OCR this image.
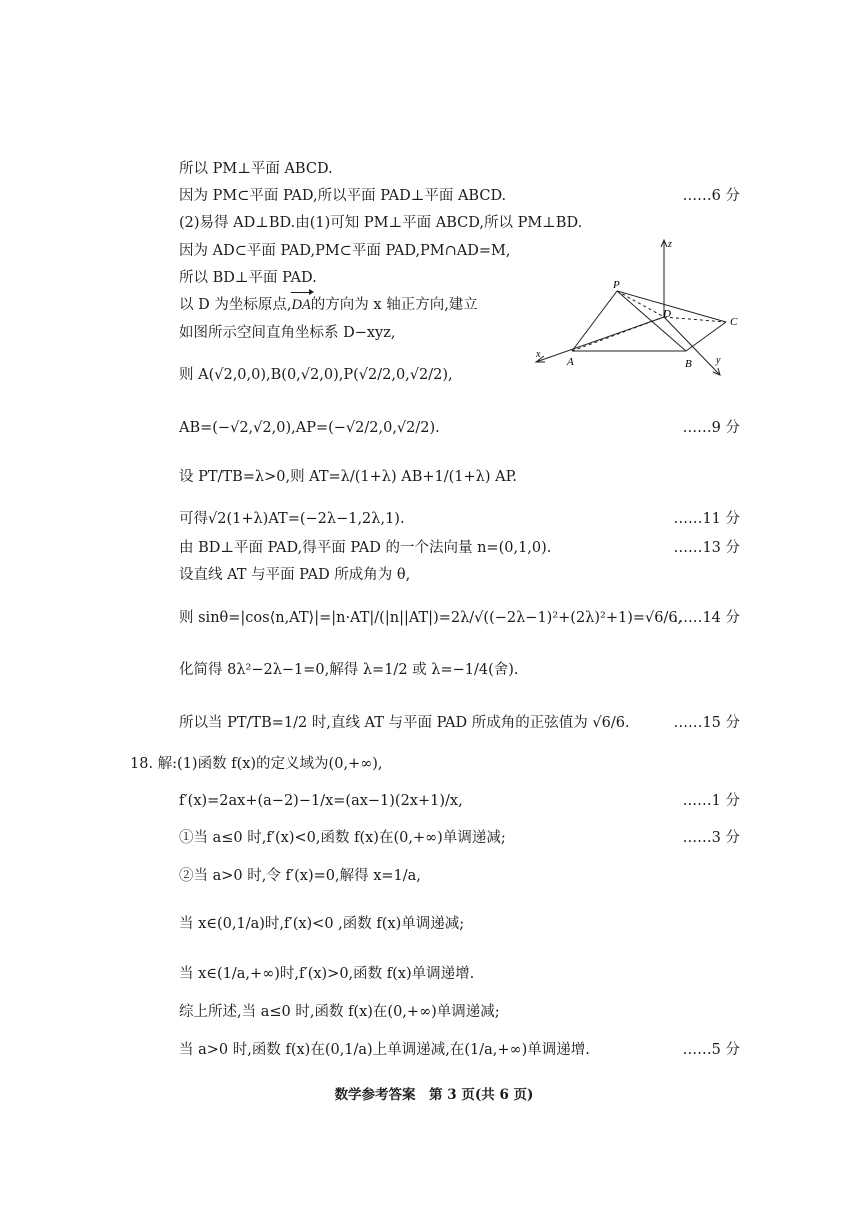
所以 PM⊥平面 ABCD.
因为 PM⊂平面 PAD,所以平面 PAD⊥平面 ABCD.	……6 分
(2)易得 AD⊥BD.由(1)可知 PM⊥平面 ABCD,所以 PM⊥BD.
因为 AD⊂平面 PAD,PM⊂平面 PAD,PM∩AD=M,
所以 BD⊥平面 PAD.
以 D 为坐标原点,DA的方向为 x 轴正方向,建立
如图所示空间直角坐标系 D−xyz,
则 A(√2,0,0),B(0,√2,0),P(√2/2,0,√2/2),
AB=(−√2,√2,0),AP=(−√2/2,0,√2/2).	……9 分
设 PT/TB=λ>0,则 AT=λ/(1+λ) AB+1/(1+λ) AP.
可得√2(1+λ)AT=(−2λ−1,2λ,1).	……11 分
由 BD⊥平面 PAD,得平面 PAD 的一个法向量 n=(0,1,0).	……13 分
设直线 AT 与平面 PAD 所成角为 θ,
则 sinθ=|cos⟨n,AT⟩|=|n·AT|/(|n||AT|)=2λ/√((−2λ−1)²+(2λ)²+1)=√6/6,
……14 分
化简得 8λ²−2λ−1=0,解得 λ=1/2 或 λ=−1/4(舍).
所以当 PT/TB=1/2 时,直线 AT 与平面 PAD 所成角的正弦值为 √6/6.	……15 分
18. 解:(1)函数 f(x)的定义域为(0,+∞),
f′(x)=2ax+(a−2)−1/x=(ax−1)(2x+1)/x,	……1 分
①当 a≤0 时,f′(x)<0,函数 f(x)在(0,+∞)单调递减;	……3 分
②当 a>0 时,令 f′(x)=0,解得 x=1/a,
当 x∈(0,1/a)时,f′(x)<0 ,函数 f(x)单调递减;
当 x∈(1/a,+∞)时,f′(x)>0,函数 f(x)单调递增.
综上所述,当 a≤0 时,函数 f(x)在(0,+∞)单调递减;
当 a>0 时,函数 f(x)在(0,1/a)上单调递减,在(1/a,+∞)单调递增.	……5 分
P
D
C
A	B
x
y
z
数学参考答案　第 3 页(共 6 页)
